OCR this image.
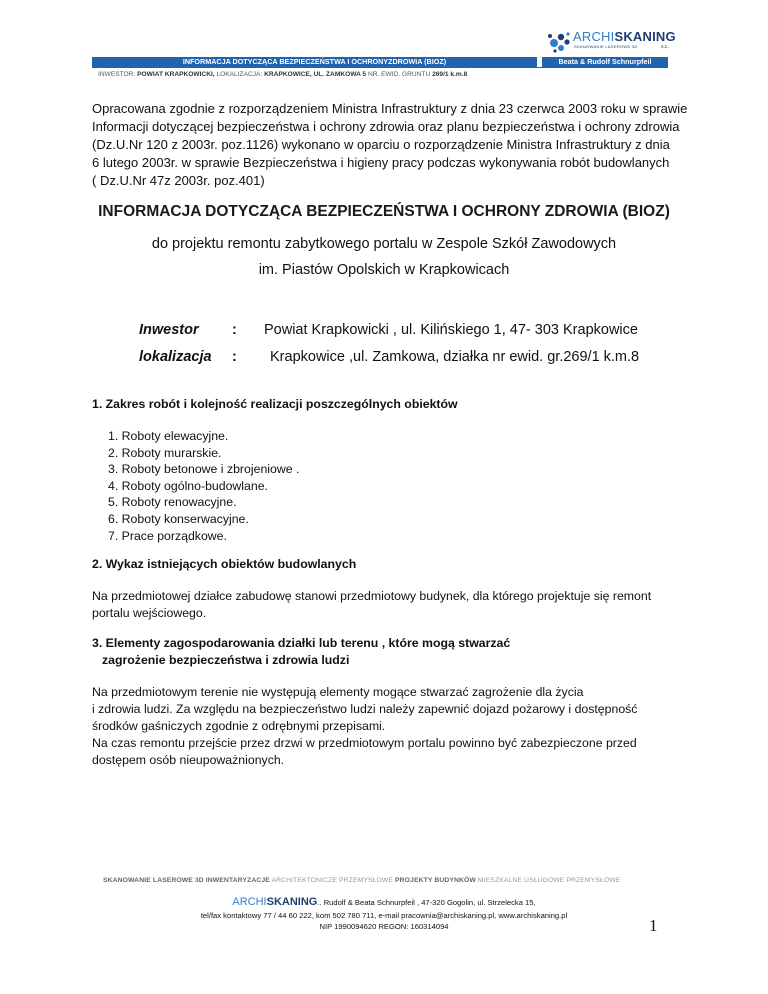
ARCHISKANING
SKANOWANIE LASEROWE 3D	s.c.
INFORMACJA DOTYCZĄCA BEZPIECZEŃSTWA I OCHRONYZDROWIA (BIOZ)	Beata & Rudolf Schnurpfeil
INWESTOR: POWIAT KRAPKOWICKI, LOKALIZACJA: KRAPKOWICE, UL. ZAMKOWA 5 NR. EWID. GRUNTU 269/1 k.m.8
Opracowana zgodnie z rozporządzeniem Ministra Infrastruktury z dnia 23 czerwca 2003 roku w sprawie
Informacji dotyczącej bezpieczeństwa i ochrony zdrowia oraz planu bezpieczeństwa i ochrony zdrowia
(Dz.U.Nr 120 z 2003r. poz.1126) wykonano w oparciu o rozporządzenie Ministra Infrastruktury z dnia
6 lutego 2003r. w sprawie Bezpieczeństwa i higieny pracy podczas wykonywania robót budowlanych
( Dz.U.Nr 47z 2003r. poz.401)
INFORMACJA DOTYCZĄCA BEZPIECZEŃSTWA I OCHRONY ZDROWIA (BIOZ)
do projektu remontu zabytkowego portalu w Zespole Szkół Zawodowych
im. Piastów Opolskich w Krapkowicach
Inwestor : Powiat Krapkowicki , ul. Kilińskiego 1, 47- 303 Krapkowice
lokalizacja : Krapkowice ,ul. Zamkowa, działka nr ewid. gr.269/1 k.m.8
1. Zakres robót i kolejność realizacji poszczególnych obiektów
1. Roboty elewacyjne.
2. Roboty murarskie.
3. Roboty betonowe i zbrojeniowe .
4. Roboty ogólno-budowlane.
5. Roboty renowacyjne.
6. Roboty konserwacyjne.
7. Prace porządkowe.
2. Wykaz istniejących obiektów budowlanych
Na przedmiotowej działce zabudowę stanowi przedmiotowy budynek, dla którego projektuje się remont
portalu wejściowego.
3. Elementy zagospodarowania działki lub terenu , które mogą stwarzać
zagrożenie bezpieczeństwa i zdrowia ludzi
Na przedmiotowym terenie nie występują elementy mogące stwarzać zagrożenie dla życia
i zdrowia ludzi. Za względu na bezpieczeństwo ludzi należy zapewnić dojazd pożarowy i dostępność
środków gaśniczych zgodnie z odrębnymi przepisami.
Na czas remontu przejście przez drzwi w przedmiotowym portalu powinno być zabezpieczone przed
dostępem osób nieupoważnionych.
SKANOWANIE LASEROWE 3D INWENTARYZACJE ARCHITEKTONICZE PRZEMYSŁOWE PROJEKTY BUDYNKÓW MIESZKALNE USŁUGOWE PRZEMYSŁOWE
ARCHISKANING.. Rudolf & Beata Schnurpfeil , 47-320 Gogolin, ul. Strzelecka 15,
tel/fax kontaktowy 77 / 44 60 222, kom 502 780 711, e-mail pracownia@archiskaning.pl, www.archiskaning.pl
NIP 1990094620 REGON: 160314094	1
